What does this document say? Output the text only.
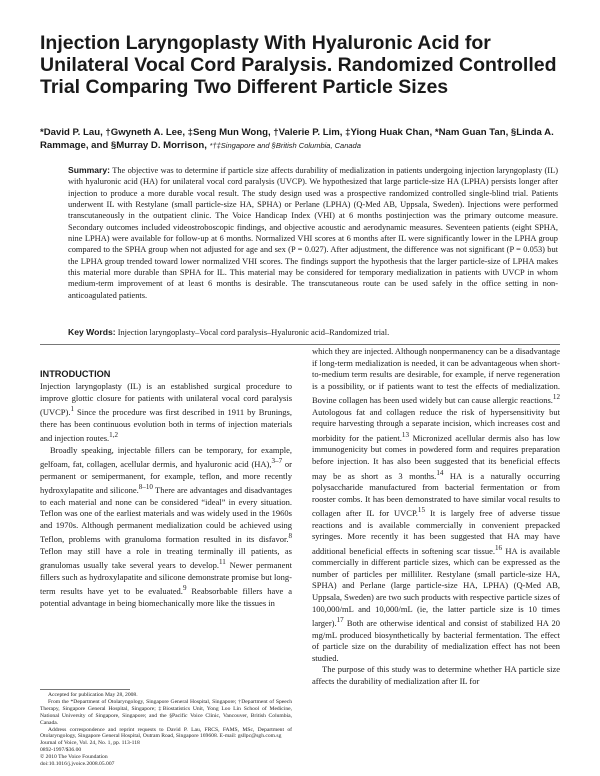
Injection Laryngoplasty With Hyaluronic Acid for Unilateral Vocal Cord Paralysis. Randomized Controlled Trial Comparing Two Different Particle Sizes

*David P. Lau, †Gwyneth A. Lee, ‡Seng Mun Wong, †Valerie P. Lim, ‡Yiong Huak Chan, *Nam Guan Tan, §Linda A. Rammage, and §Murray D. Morrison, *†‡Singapore and §British Columbia, Canada

Summary: The objective was to determine if particle size affects durability of medialization in patients undergoing injection laryngoplasty (IL) with hyaluronic acid (HA) for unilateral vocal cord paralysis (UVCP). We hypothesized that large particle-size HA (LPHA) persists longer after injection to produce a more durable vocal result. The study design used was a prospective randomized controlled single-blind trial. Patients underwent IL with Restylane (small particle-size HA, SPHA) or Perlane (LPHA) (Q-Med AB, Uppsala, Sweden). Injections were performed transcutaneously in the outpatient clinic. The Voice Handicap Index (VHI) at 6 months postinjection was the primary outcome measure. Secondary outcomes included videostroboscopic findings, and objective acoustic and aerodynamic measures. Seventeen patients (eight SPHA, nine LPHA) were available for follow-up at 6 months. Normalized VHI scores at 6 months after IL were significantly lower in the LPHA group compared to the SPHA group when not adjusted for age and sex (P = 0.027). After adjustment, the difference was not significant (P = 0.053) but the LPHA group trended toward lower normalized VHI scores. The findings support the hypothesis that the larger particle-size of LPHA makes this material more durable than SPHA for IL. This material may be considered for temporary medialization in patients with UVCP in whom medium-term improvement of at least 6 months is desirable. The transcutaneous route can be used safely in the office setting in non-anticoagulated patients.

Key Words: Injection laryngoplasty–Vocal cord paralysis–Hyaluronic acid–Randomized trial.

INTRODUCTION

Injection laryngoplasty (IL) is an established surgical procedure to improve glottic closure for patients with unilateral vocal cord paralysis (UVCP).$^1$ Since the procedure was first described in 1911 by Brunings, there has been continuous evolution both in terms of injection materials and injection routes.$^{1,2}$

Broadly speaking, injectable fillers can be temporary, for example, gelfoam, fat, collagen, acellular dermis, and hyaluronic acid (HA),$^{3-7}$ or permanent or semipermanent, for example, teflon, and more recently hydroxylapatite and silicone.$^{8-10}$ There are advantages and disadvantages to each material and none can be considered “ideal” in every situation. Teflon was one of the earliest materials and was widely used in the 1960s and 1970s. Although permanent medialization could be achieved using Teflon, problems with granuloma formation resulted in its disfavor.$^8$ Teflon may still have a role in treating terminally ill patients, as granulomas usually take several years to develop.$^{11}$ Newer permanent fillers such as hydroxylapatite and silicone demonstrate promise but long-term results have yet to be evaluated.$^9$ Reabsorbable fillers have a potential advantage in being biomechanically more like the tissues in

which they are injected. Although nonpermanency can be a disadvantage if long-term medialization is needed, it can be advantageous when short-to-medium term results are desirable, for example, if nerve regeneration is a possibility, or if patients want to test the effects of medialization. Bovine collagen has been used widely but can cause allergic reactions.$^{12}$ Autologous fat and collagen reduce the risk of hypersensitivity but require harvesting through a separate incision, which increases cost and morbidity for the patient.$^{13}$ Micronized acellular dermis also has low immunogenicity but comes in powdered form and requires preparation before injection. It has also been suggested that its beneficial effects may be as short as 3 months.$^{14}$ HA is a naturally occurring polysaccharide manufactured from bacterial fermentation or from rooster combs. It has been demonstrated to have similar vocal results to collagen after IL for UVCP.$^{15}$ It is largely free of adverse tissue reactions and is available commercially in convenient prepacked syringes. More recently it has been suggested that HA may have additional beneficial effects in softening scar tissue.$^{16}$ HA is available commercially in different particle sizes, which can be expressed as the number of particles per milliliter. Restylane (small particle-size HA, SPHA) and Perlane (large particle-size HA, LPHA) (Q-Med AB, Uppsala, Sweden) are two such products with respective particle sizes of 100,000/mL and 10,000/mL (ie, the latter particle size is 10 times larger).$^{17}$ Both are otherwise identical and consist of stabilized HA 20 mg/mL produced biosynthetically by bacterial fermentation. The effect of particle size on the durability of medialization effect has not been studied.

The purpose of this study was to determine whether HA particle size affects the durability of medialization after IL for

Accepted for publication May 28, 2008.

From the *Department of Otolaryngology, Singapore General Hospital, Singapore; †Department of Speech Therapy, Singapore General Hospital, Singapore; ‡Biostatistics Unit, Yong Loo Lin School of Medicine, National University of Singapore, Singapore; and the §Pacific Voice Clinic, Vancouver, British Columbia, Canada.

Address correspondence and reprint requests to David P. Lau, FRCS, FAMS, MSc, Department of Otolaryngology, Singapore General Hospital, Outram Road, Singapore 169608. E-mail: gsllpc@sgh.com.sg

Journal of Voice, Vol. 24, No. 1, pp. 113-118

0892-1997/$36.00

© 2010 The Voice Foundation

doi:10.1016/j.jvoice.2008.05.007
